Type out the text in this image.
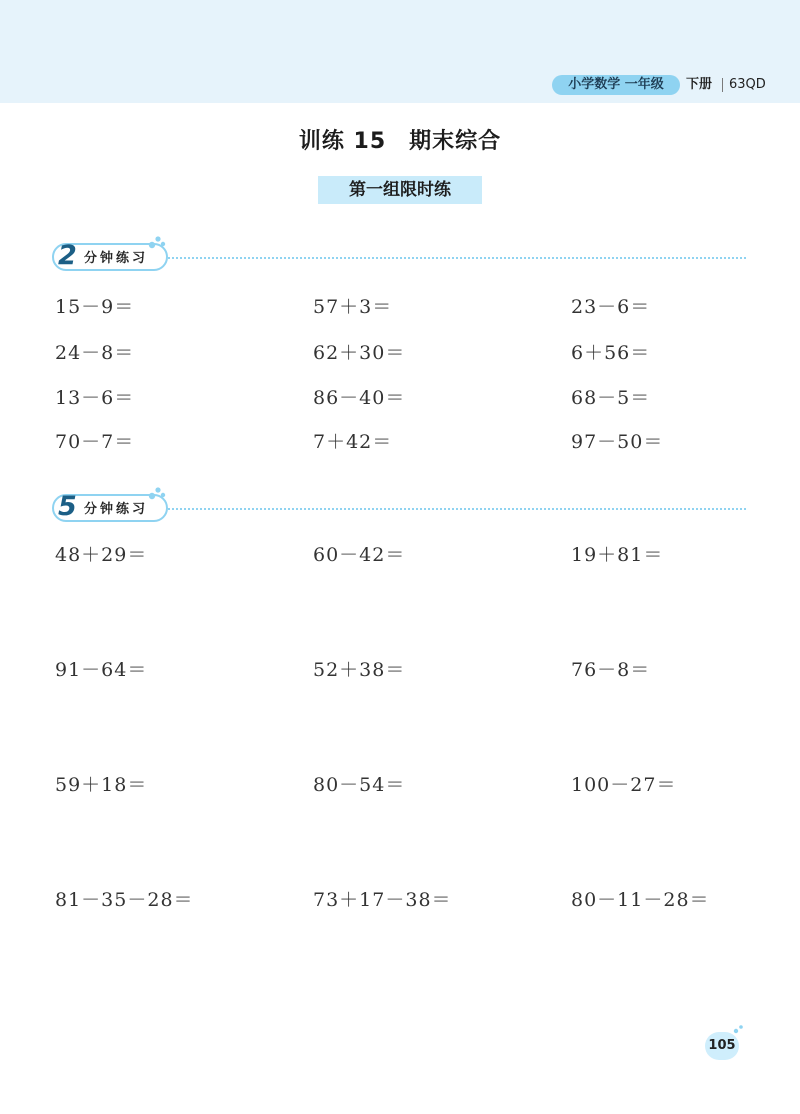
小学数学 一年级	下册 63QD
训练 15　期末综合
第一组限时练
2 分钟练习
15－9＝	57＋3＝	23－6＝
24－8＝	62＋30＝	6＋56＝
13－6＝	86－40＝	68－5＝
70－7＝	7＋42＝	97－50＝
5 分钟练习
48＋29＝	60－42＝	19＋81＝
91－64＝	52＋38＝	76－8＝
59＋18＝	80－54＝	100－27＝
81－35－28＝	73＋17－38＝	80－11－28＝
105
